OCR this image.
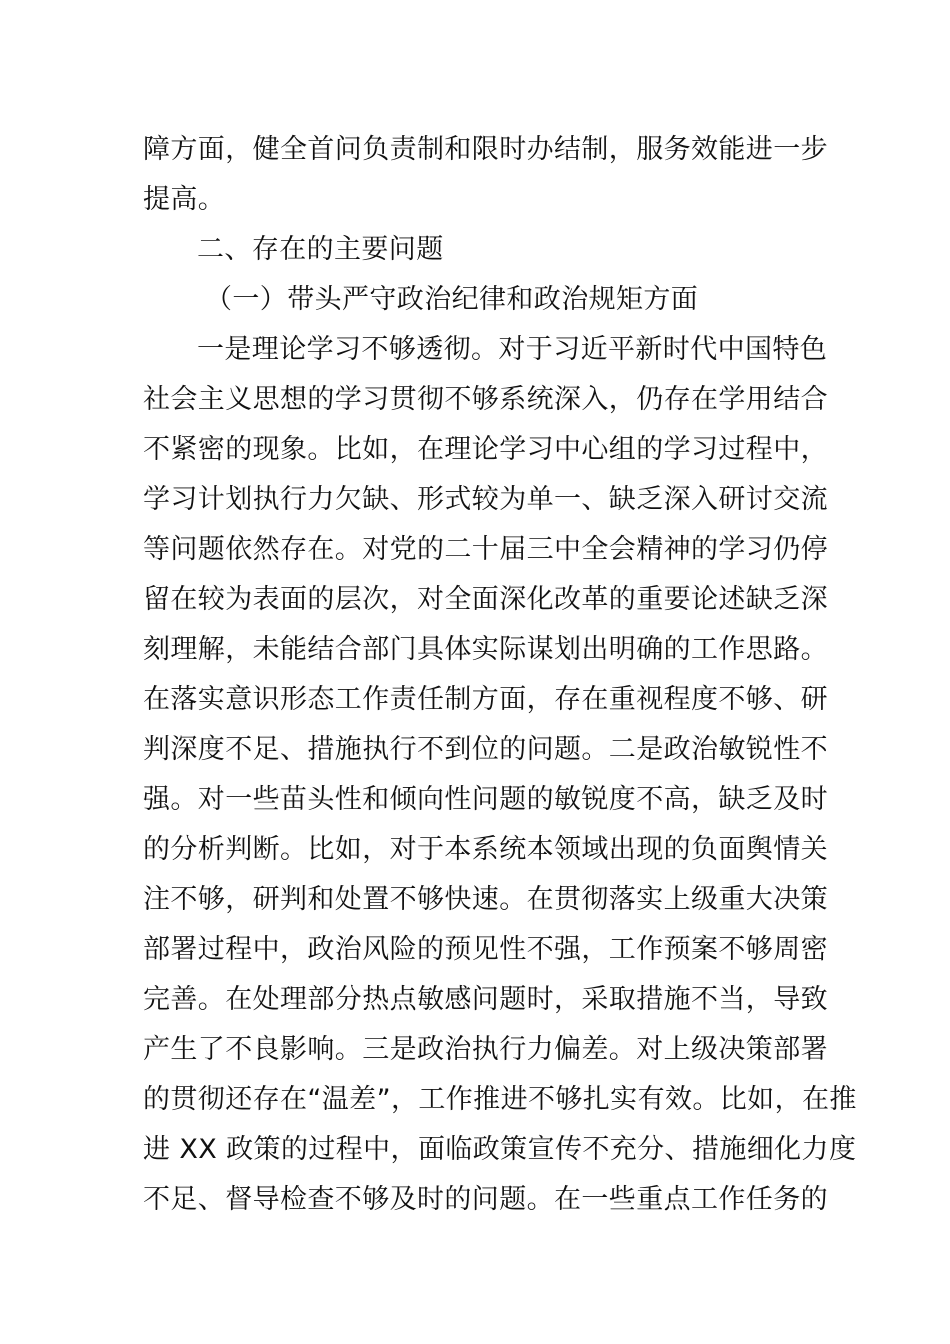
障方面，健全首问负责制和限时办结制，服务效能进一步
提高。
二、存在的主要问题
（一）带头严守政治纪律和政治规矩方面
一是理论学习不够透彻。对于习近平新时代中国特色
社会主义思想的学习贯彻不够系统深入，仍存在学用结合
不紧密的现象。比如，在理论学习中心组的学习过程中，
学习计划执行力欠缺、形式较为单一、缺乏深入研讨交流
等问题依然存在。对党的二十届三中全会精神的学习仍停
留在较为表面的层次，对全面深化改革的重要论述缺乏深
刻理解，未能结合部门具体实际谋划出明确的工作思路。
在落实意识形态工作责任制方面，存在重视程度不够、研
判深度不足、措施执行不到位的问题。二是政治敏锐性不
强。对一些苗头性和倾向性问题的敏锐度不高，缺乏及时
的分析判断。比如，对于本系统本领域出现的负面舆情关
注不够，研判和处置不够快速。在贯彻落实上级重大决策
部署过程中，政治风险的预见性不强，工作预案不够周密
完善。在处理部分热点敏感问题时，采取措施不当，导致
产生了不良影响。三是政治执行力偏差。对上级决策部署
的贯彻还存在“温差”，工作推进不够扎实有效。比如，在推
进 XX 政策的过程中，面临政策宣传不充分、措施细化力度
不足、督导检查不够及时的问题。在一些重点工作任务的
